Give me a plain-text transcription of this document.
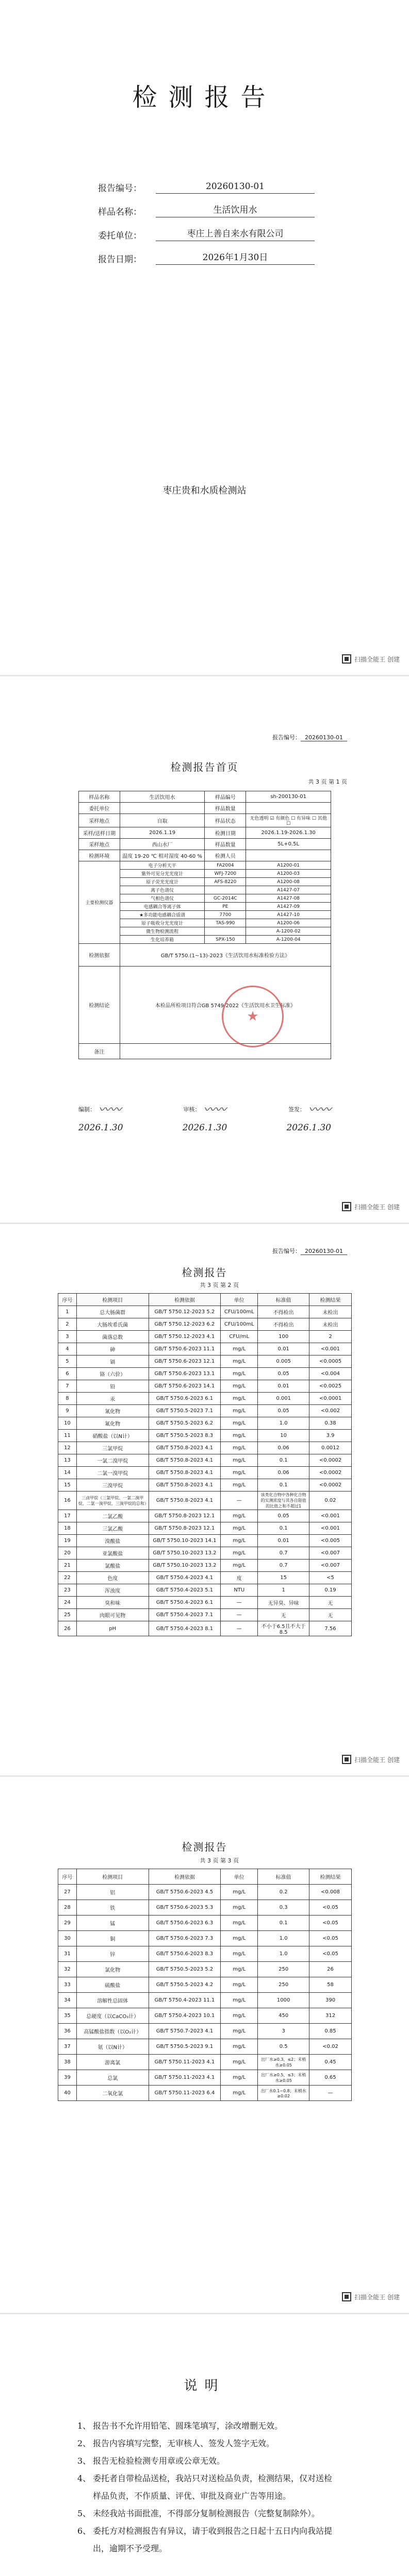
检测报告
报告编号：	20260130-01
样品名称：	生活饮用水
委托单位：	枣庄上善自来水有限公司
报告日期：	2026年1月30日
枣庄贵和水质检测站
扫描全能王 创建
报告编号： 20260130-01
检测报告首页
共 3 页 第 1 页
样品名称	生活饮用水	样品编号	sh-200130-01
委托单位		样品数量	
采样地点	自取	样品状态	无色透明 ☑ 有颜色 ☐ 有异味 ☐ 其他 ☐
采样/送样日期	2026.1.19	检测日期	2026.1.19-2026.1.30
采样地点	西山水厂	样品数量	5L+0.5L
检测环境	温度 19-20 ℃ 相对湿度 40-60 %	检测人员	
主要检测仪器	电子分析天平	FA2004	A1200-01
	紫外可见分光光度计	WFJ-7200	A1200-03
	原子荧光光度计	AFS-8220	A1200-08
	离子色谱仪		A1427-07
	气相色谱仪	GC-2014C	A1427-08
	电感耦合等离子体	PE	A1427-09
	★多功能电感耦合质谱	7700	A1427-10
	原子吸收分光光度计	TAS-990	A1200-06
	微生物检测流程		A-1200-02
	生化培养箱	SPX-150	A-1200-04
检测依据	GB/T 5750.(1~13)-2023《生活饮用水标准检验方法》		
检测结论	本检品所检项目符合GB 5749-2022《生活饮用水卫生标准》		
备注			
★
编制： 〰〰	审核： 〰〰	签发： 〰〰
2026.1.30	2026.1.30	2026.1.30
扫描全能王 创建
报告编号： 20260130-01
检测报告
共 3 页 第 2 页
序号	检测项目	检测依据	单位	标准值	检测结果
1	总大肠菌群	GB/T 5750.12-2023 5.2	CFU/100mL	不得检出	未检出
2	大肠埃希氏菌	GB/T 5750.12-2023 6.2	CFU/100mL	不得检出	未检出
3	菌落总数	GB/T 5750.12-2023 4.1	CFU/mL	100	2
4	砷	GB/T 5750.6-2023 11.1	mg/L	0.01	<0.001
5	镉	GB/T 5750.6-2023 12.1	mg/L	0.005	<0.0005
6	铬（六价）	GB/T 5750.6-2023 13.1	mg/L	0.05	<0.004
7	铅	GB/T 5750.6-2023 14.1	mg/L	0.01	<0.0025
8	汞	GB/T 5750.6-2023 6.1	mg/L	0.001	<0.0001
9	氰化物	GB/T 5750.5-2023 7.1	mg/L	0.05	<0.002
10	氟化物	GB/T 5750.5-2023 6.2	mg/L	1.0	0.38
11	硝酸盐（以N计）	GB/T 5750.5-2023 8.3	mg/L	10	3.9
12	三氯甲烷	GB/T 5750.8-2023 4.1	mg/L	0.06	0.0012
13	一氯二溴甲烷	GB/T 5750.8-2023 4.1	mg/L	0.1	<0.0002
14	二氯一溴甲烷	GB/T 5750.8-2023 4.1	mg/L	0.06	<0.0002
15	三溴甲烷	GB/T 5750.8-2023 4.1	mg/L	0.1	<0.0002
16	三卤甲烷（三氯甲烷、一氯二溴甲烷、二氯一溴甲烷、三溴甲烷的总和）	GB/T 5750.8-2023 4.1	—	该类化合物中各种化合物的实测浓度与其各自限值的比值之和不超过1	0.02
17	二氯乙酸	GB/T 5750.8-2023 12.1	mg/L	0.05	<0.001
18	三氯乙酸	GB/T 5750.8-2023 12.1	mg/L	0.1	<0.001
19	溴酸盐	GB/T 5750.10-2023 14.1	mg/L	0.01	<0.005
20	亚氯酸盐	GB/T 5750.10-2023 13.2	mg/L	0.7	<0.007
21	氯酸盐	GB/T 5750.10-2023 13.2	mg/L	0.7	<0.007
22	色度	GB/T 5750.4-2023 4.1	度	15	<5
23	浑浊度	GB/T 5750.4-2023 5.1	NTU	1	0.19
24	臭和味	GB/T 5750.4-2023 6.1	—	无异臭、异味	无
25	肉眼可见物	GB/T 5750.4-2023 7.1	—	无	无
26	pH	GB/T 5750.4-2023 8.1	—	不小于6.5且不大于8.5	7.56
扫描全能王 创建
检测报告
共 3 页 第 3 页
序号	检测项目	检测依据	单位	标准值	检测结果
27	铝	GB/T 5750.6-2023 4.5	mg/L	0.2	<0.008
28	铁	GB/T 5750.6-2023 5.3	mg/L	0.3	<0.05
29	锰	GB/T 5750.6-2023 6.3	mg/L	0.1	<0.05
30	铜	GB/T 5750.6-2023 7.3	mg/L	1.0	<0.05
31	锌	GB/T 5750.6-2023 8.3	mg/L	1.0	<0.05
32	氯化物	GB/T 5750.5-2023 5.2	mg/L	250	26
33	硫酸盐	GB/T 5750.5-2023 4.2	mg/L	250	58
34	溶解性总固体	GB/T 5750.4-2023 11.1	mg/L	1000	390
35	总硬度（以CaCO₃计）	GB/T 5750.4-2023 10.1	mg/L	450	312
36	高锰酸盐指数（以O₂计）	GB/T 5750.7-2023 4.1	mg/L	3	0.85
37	氨（以N计）	GB/T 5750.5-2023 9.1	mg/L	0.5	<0.02
38	游离氯	GB/T 5750.11-2023 4.1	mg/L	出厂水≥0.3，≤2；末梢水≥0.05	0.45
39	总氯	GB/T 5750.11-2023 4.1	mg/L	出厂水≥0.5，≤3；末梢水≥0.05	0.65
40	二氧化氯	GB/T 5750.11-2023 6.4	mg/L	出厂水0.1~0.8；末梢水≥0.02	—
扫描全能王 创建
说明
1、 报告书不允许用铅笔、圆珠笔填写，涂改增删无效。
2、 报告内容填写完整，无审核人、签发人签字无效。
3、 报告无检验检测专用章或公章无效。
4、 委托者自带检品送检，我站只对送检品负责，检测结果，仅对送检样品负责，不作质量、评优、审批及商业广告等用途。
5、 未经我站书面批准，不得部分复制检测报告（完整复制除外）。
6、 委托方对检测报告有异议，请于收到报告之日起十五日内向我站提出，逾期不予受理。
